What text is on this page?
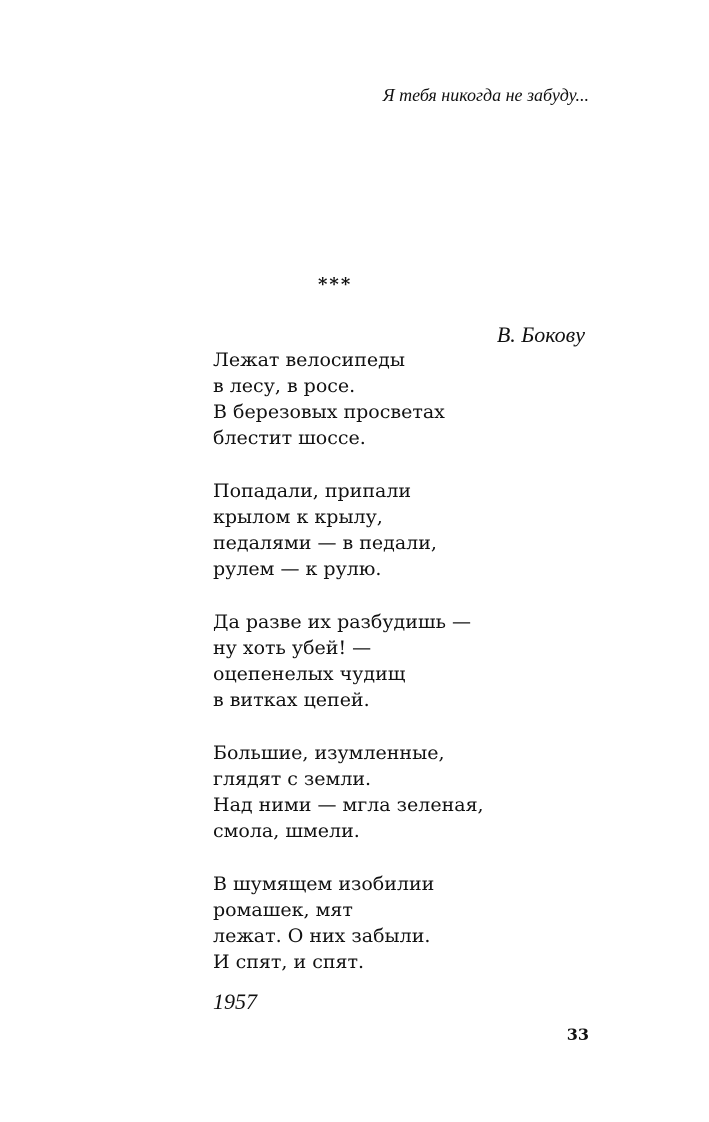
Я тебя никогда не забуду...
***
В. Бокову
Лежат велосипеды
в лесу, в росе.
В березовых просветах
блестит шоссе.
Попадали, припали
крылом к крылу,
педалями — в педали,
рулем — к рулю.
Да разве их разбудишь —
ну хоть убей! —
оцепенелых чудищ
в витках цепей.
Большие, изумленные,
глядят с земли.
Над ними — мгла зеленая,
смола, шмели.
В шумящем изобилии
ромашек, мят
лежат. О них забыли.
И спят, и спят.
1957
33
